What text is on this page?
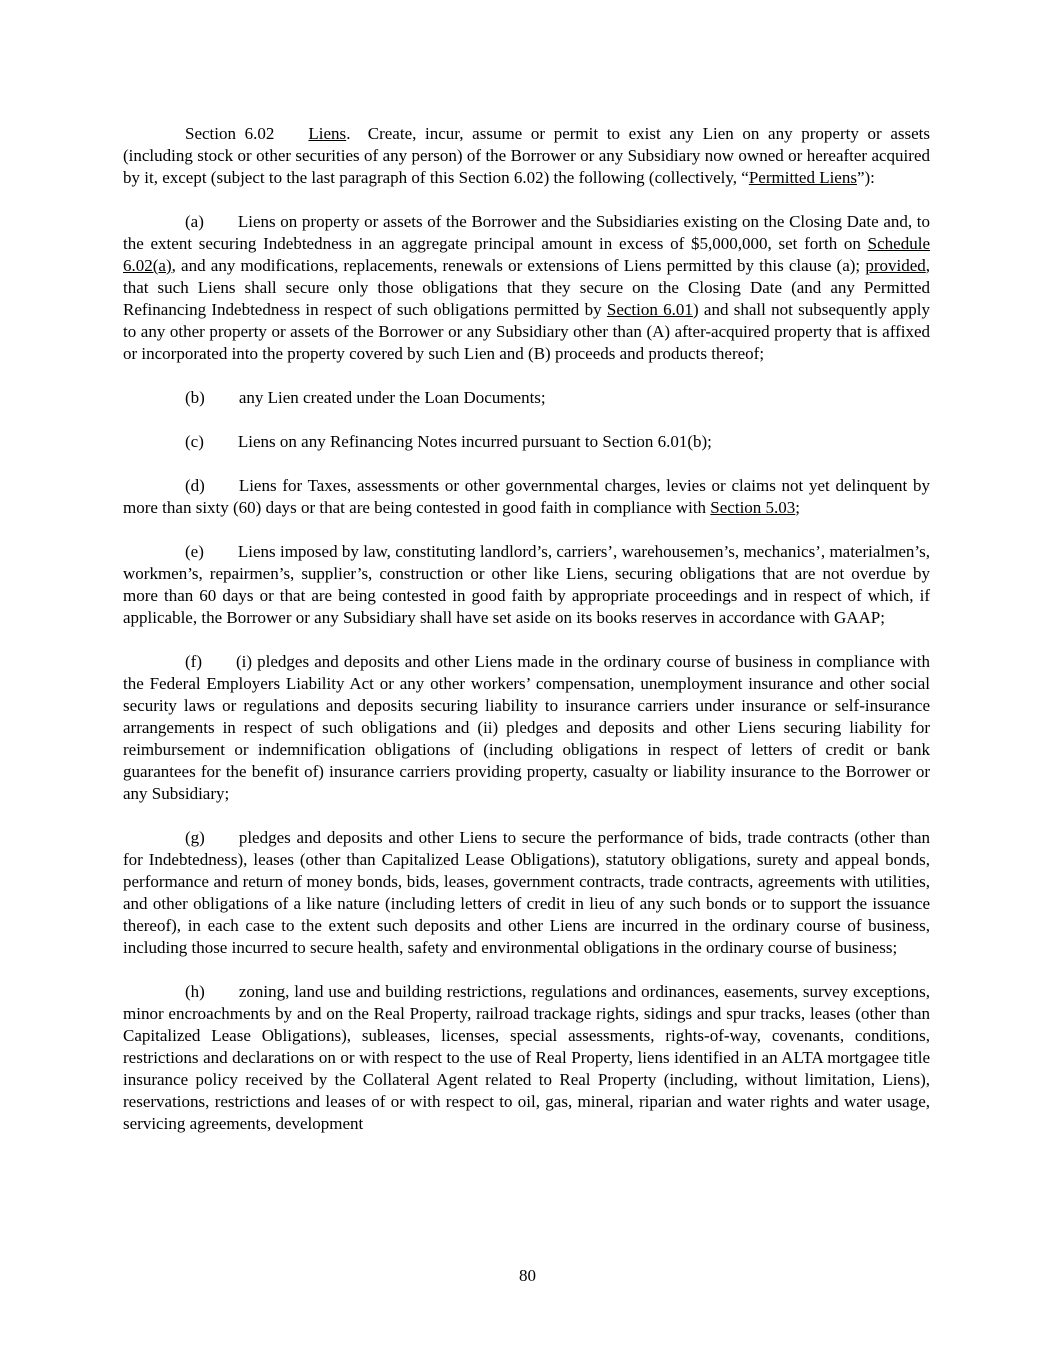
Section 6.02 Liens.  Create, incur, assume or permit to exist any Lien on any property or assets (including stock or other securities of any person) of the Borrower or any Subsidiary now owned or hereafter acquired by it, except (subject to the last paragraph of this Section 6.02) the following (collectively, “Permitted Liens”):

(a) Liens on property or assets of the Borrower and the Subsidiaries existing on the Closing Date and, to the extent securing Indebtedness in an aggregate principal amount in excess of $5,000,000, set forth on Schedule 6.02(a), and any modifications, replacements, renewals or extensions of Liens permitted by this clause (a); provided, that such Liens shall secure only those obligations that they secure on the Closing Date (and any Permitted Refinancing Indebtedness in respect of such obligations permitted by Section 6.01) and shall not subsequently apply to any other property or assets of the Borrower or any Subsidiary other than (A) after-acquired property that is affixed or incorporated into the property covered by such Lien and (B) proceeds and products thereof;

(b) any Lien created under the Loan Documents;

(c) Liens on any Refinancing Notes incurred pursuant to Section 6.01(b);

(d) Liens for Taxes, assessments or other governmental charges, levies or claims not yet delinquent by more than sixty (60) days or that are being contested in good faith in compliance with Section 5.03;

(e) Liens imposed by law, constituting landlord’s, carriers’, warehousemen’s, mechanics’, materialmen’s, workmen’s, repairmen’s, supplier’s, construction or other like Liens, securing obligations that are not overdue by more than 60 days or that are being contested in good faith by appropriate proceedings and in respect of which, if applicable, the Borrower or any Subsidiary shall have set aside on its books reserves in accordance with GAAP;

(f) (i) pledges and deposits and other Liens made in the ordinary course of business in compliance with the Federal Employers Liability Act or any other workers’ compensation, unemployment insurance and other social security laws or regulations and deposits securing liability to insurance carriers under insurance or self-insurance arrangements in respect of such obligations and (ii) pledges and deposits and other Liens securing liability for reimbursement or indemnification obligations of (including obligations in respect of letters of credit or bank guarantees for the benefit of) insurance carriers providing property, casualty or liability insurance to the Borrower or any Subsidiary;

(g) pledges and deposits and other Liens to secure the performance of bids, trade contracts (other than for Indebtedness), leases (other than Capitalized Lease Obligations), statutory obligations, surety and appeal bonds, performance and return of money bonds, bids, leases, government contracts, trade contracts, agreements with utilities, and other obligations of a like nature (including letters of credit in lieu of any such bonds or to support the issuance thereof), in each case to the extent such deposits and other Liens are incurred in the ordinary course of business, including those incurred to secure health, safety and environmental obligations in the ordinary course of business;

(h) zoning, land use and building restrictions, regulations and ordinances, easements, survey exceptions, minor encroachments by and on the Real Property, railroad trackage rights, sidings and spur tracks, leases (other than Capitalized Lease Obligations), subleases, licenses, special assessments, rights-of-way, covenants, conditions, restrictions and declarations on or with respect to the use of Real Property, liens identified in an ALTA mortgagee title insurance policy received by the Collateral Agent related to Real Property (including, without limitation, Liens), reservations, restrictions and leases of or with respect to oil, gas, mineral, riparian and water rights and water usage, servicing agreements, development

80
